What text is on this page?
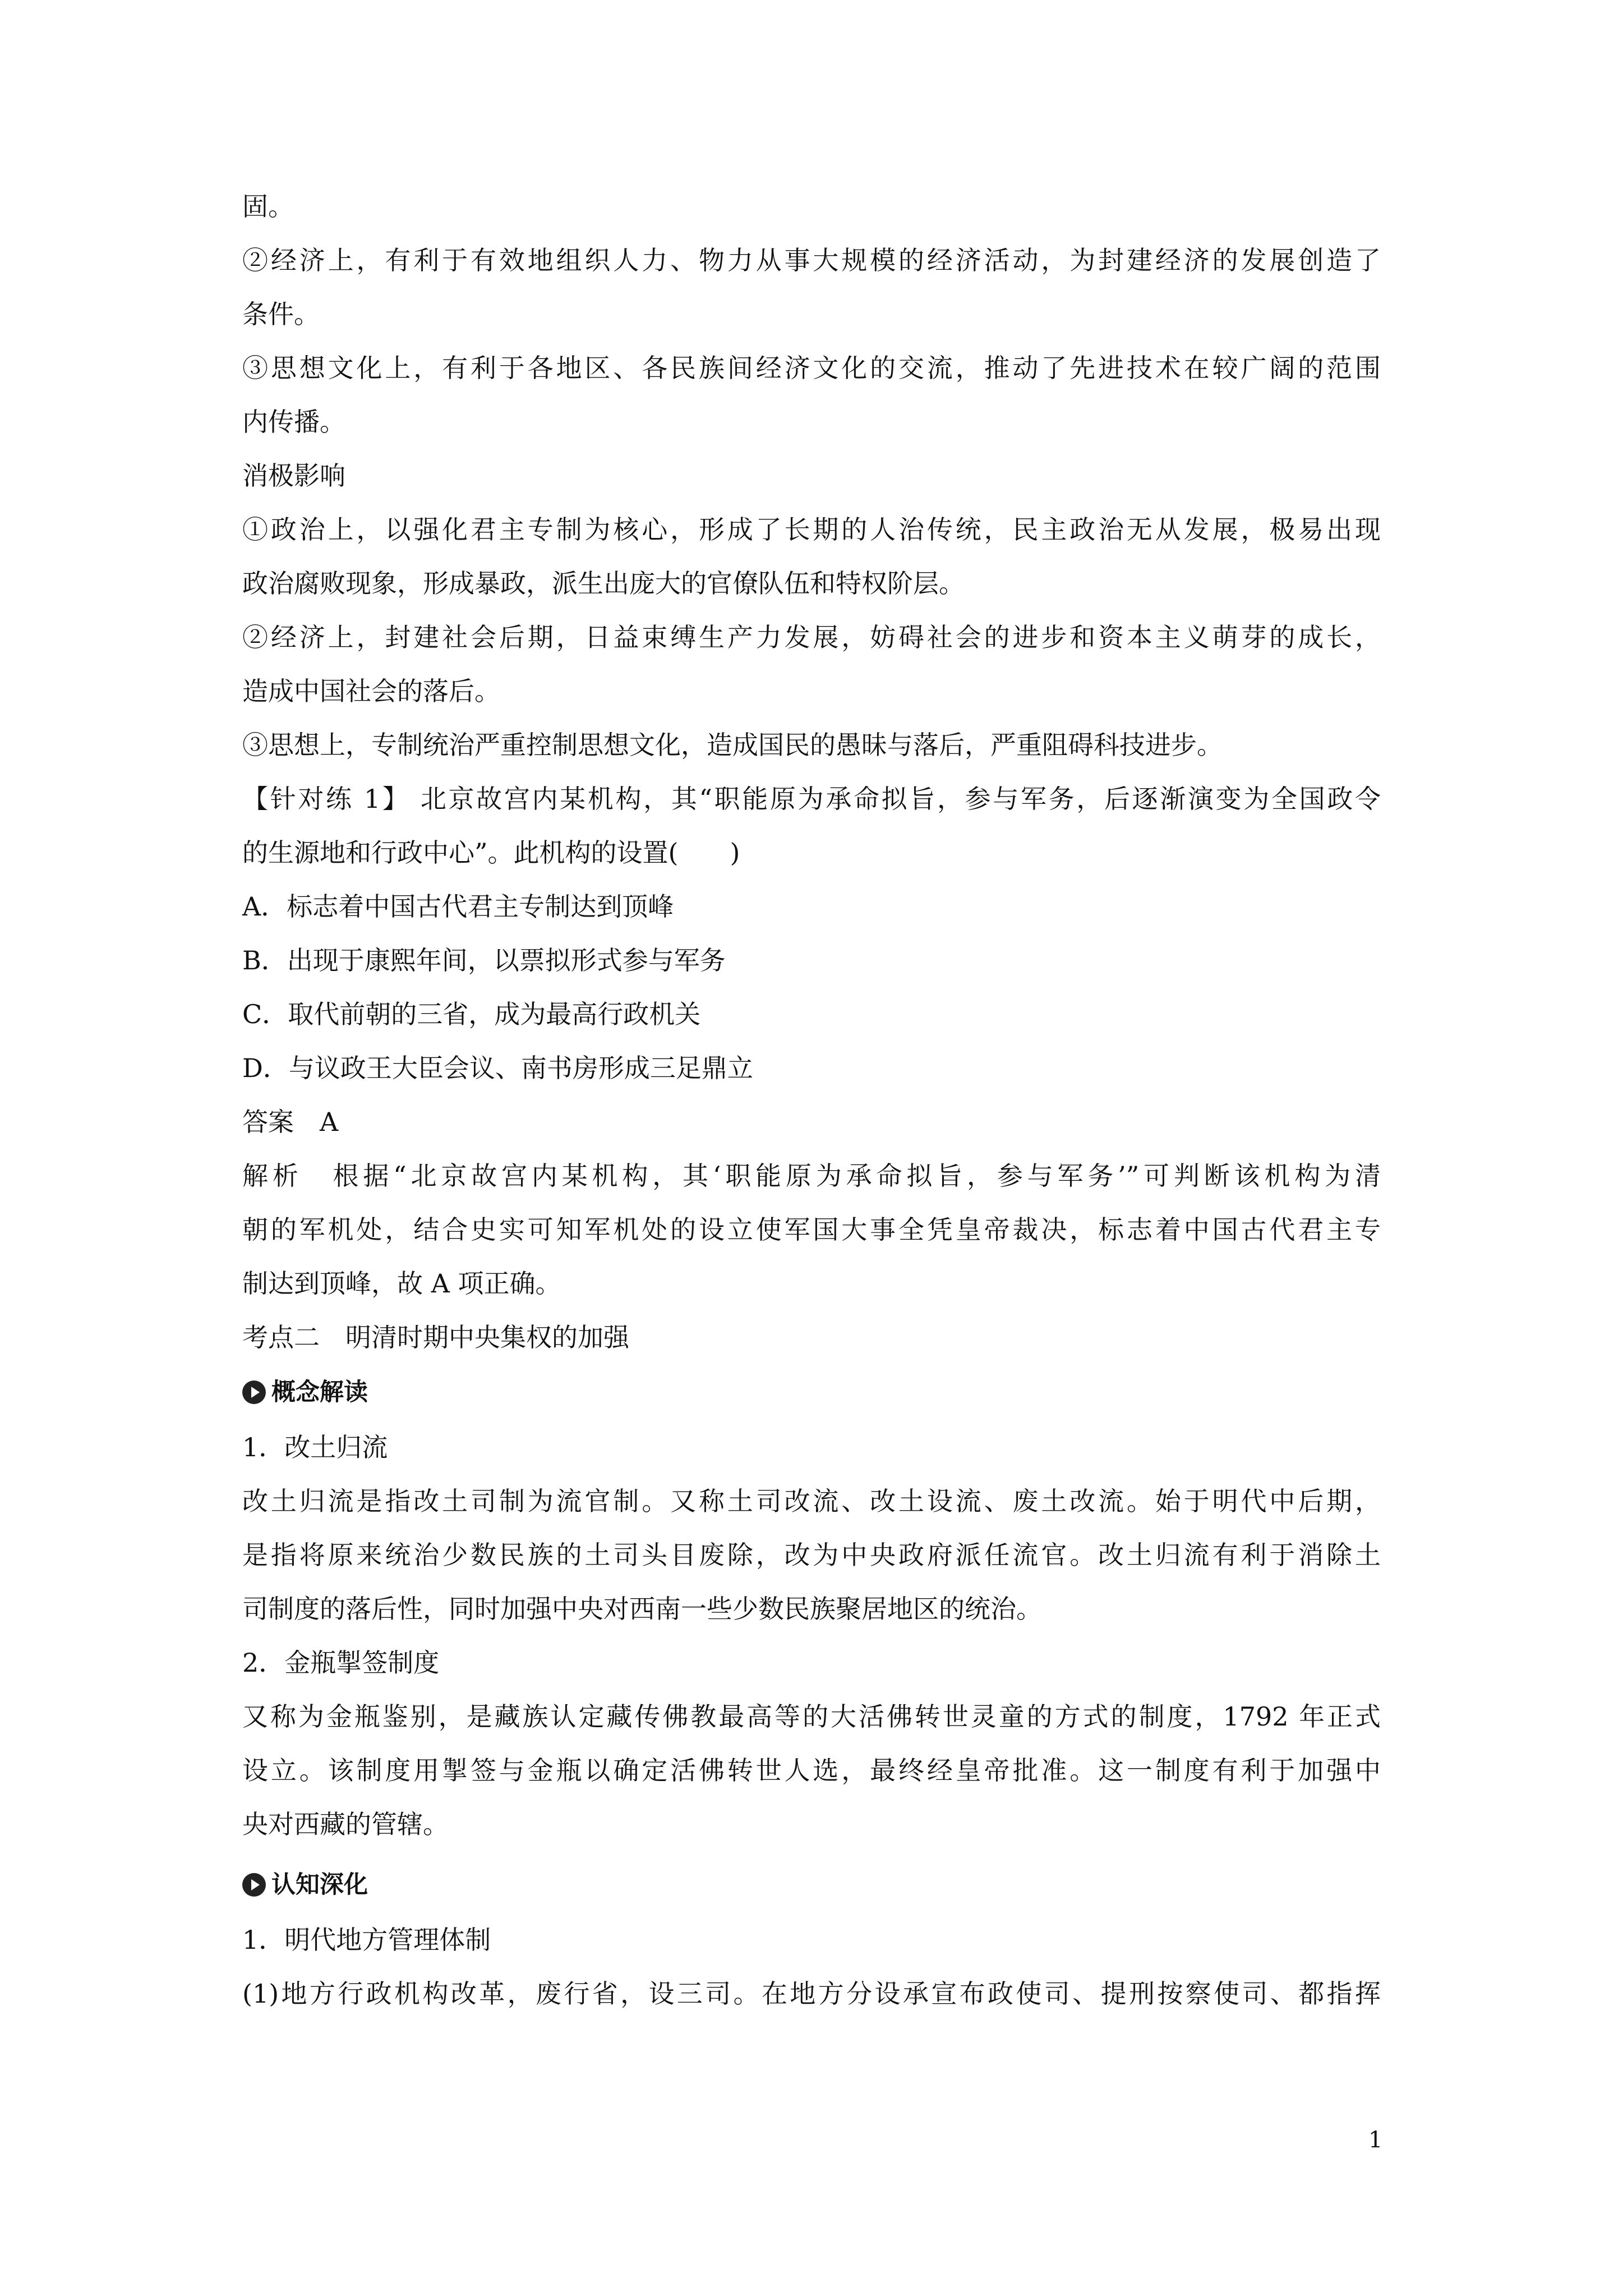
固。
②经济上，有利于有效地组织人力、物力从事大规模的经济活动，为封建经济的发展创造了
条件。
③思想文化上，有利于各地区、各民族间经济文化的交流，推动了先进技术在较广阔的范围
内传播。
消极影响
①政治上，以强化君主专制为核心，形成了长期的人治传统，民主政治无从发展，极易出现
政治腐败现象，形成暴政，派生出庞大的官僚队伍和特权阶层。
②经济上，封建社会后期，日益束缚生产力发展，妨碍社会的进步和资本主义萌芽的成长，
造成中国社会的落后。
③思想上，专制统治严重控制思想文化，造成国民的愚昧与落后，严重阻碍科技进步。
【针对练 1】 北京故宫内某机构，其“职能原为承命拟旨，参与军务，后逐渐演变为全国政令
的生源地和行政中心”。此机构的设置(　　)
A．标志着中国古代君主专制达到顶峰
B．出现于康熙年间，以票拟形式参与军务
C．取代前朝的三省，成为最高行政机关
D．与议政王大臣会议、南书房形成三足鼎立
答案　A
解析　根据“北京故宫内某机构，其‘职能原为承命拟旨，参与军务’”可判断该机构为清
朝的军机处，结合史实可知军机处的设立使军国大事全凭皇帝裁决，标志着中国古代君主专
制达到顶峰，故 A 项正确。
考点二　明清时期中央集权的加强
概念解读
1．改土归流
改土归流是指改土司制为流官制。又称土司改流、改土设流、废土改流。始于明代中后期，
是指将原来统治少数民族的土司头目废除，改为中央政府派任流官。改土归流有利于消除土
司制度的落后性，同时加强中央对西南一些少数民族聚居地区的统治。
2．金瓶掣签制度
又称为金瓶鉴别，是藏族认定藏传佛教最高等的大活佛转世灵童的方式的制度，1792 年正式
设立。该制度用掣签与金瓶以确定活佛转世人选，最终经皇帝批准。这一制度有利于加强中
央对西藏的管辖。
认知深化
1．明代地方管理体制
(1)地方行政机构改革，废行省，设三司。在地方分设承宣布政使司、提刑按察使司、都指挥
1
